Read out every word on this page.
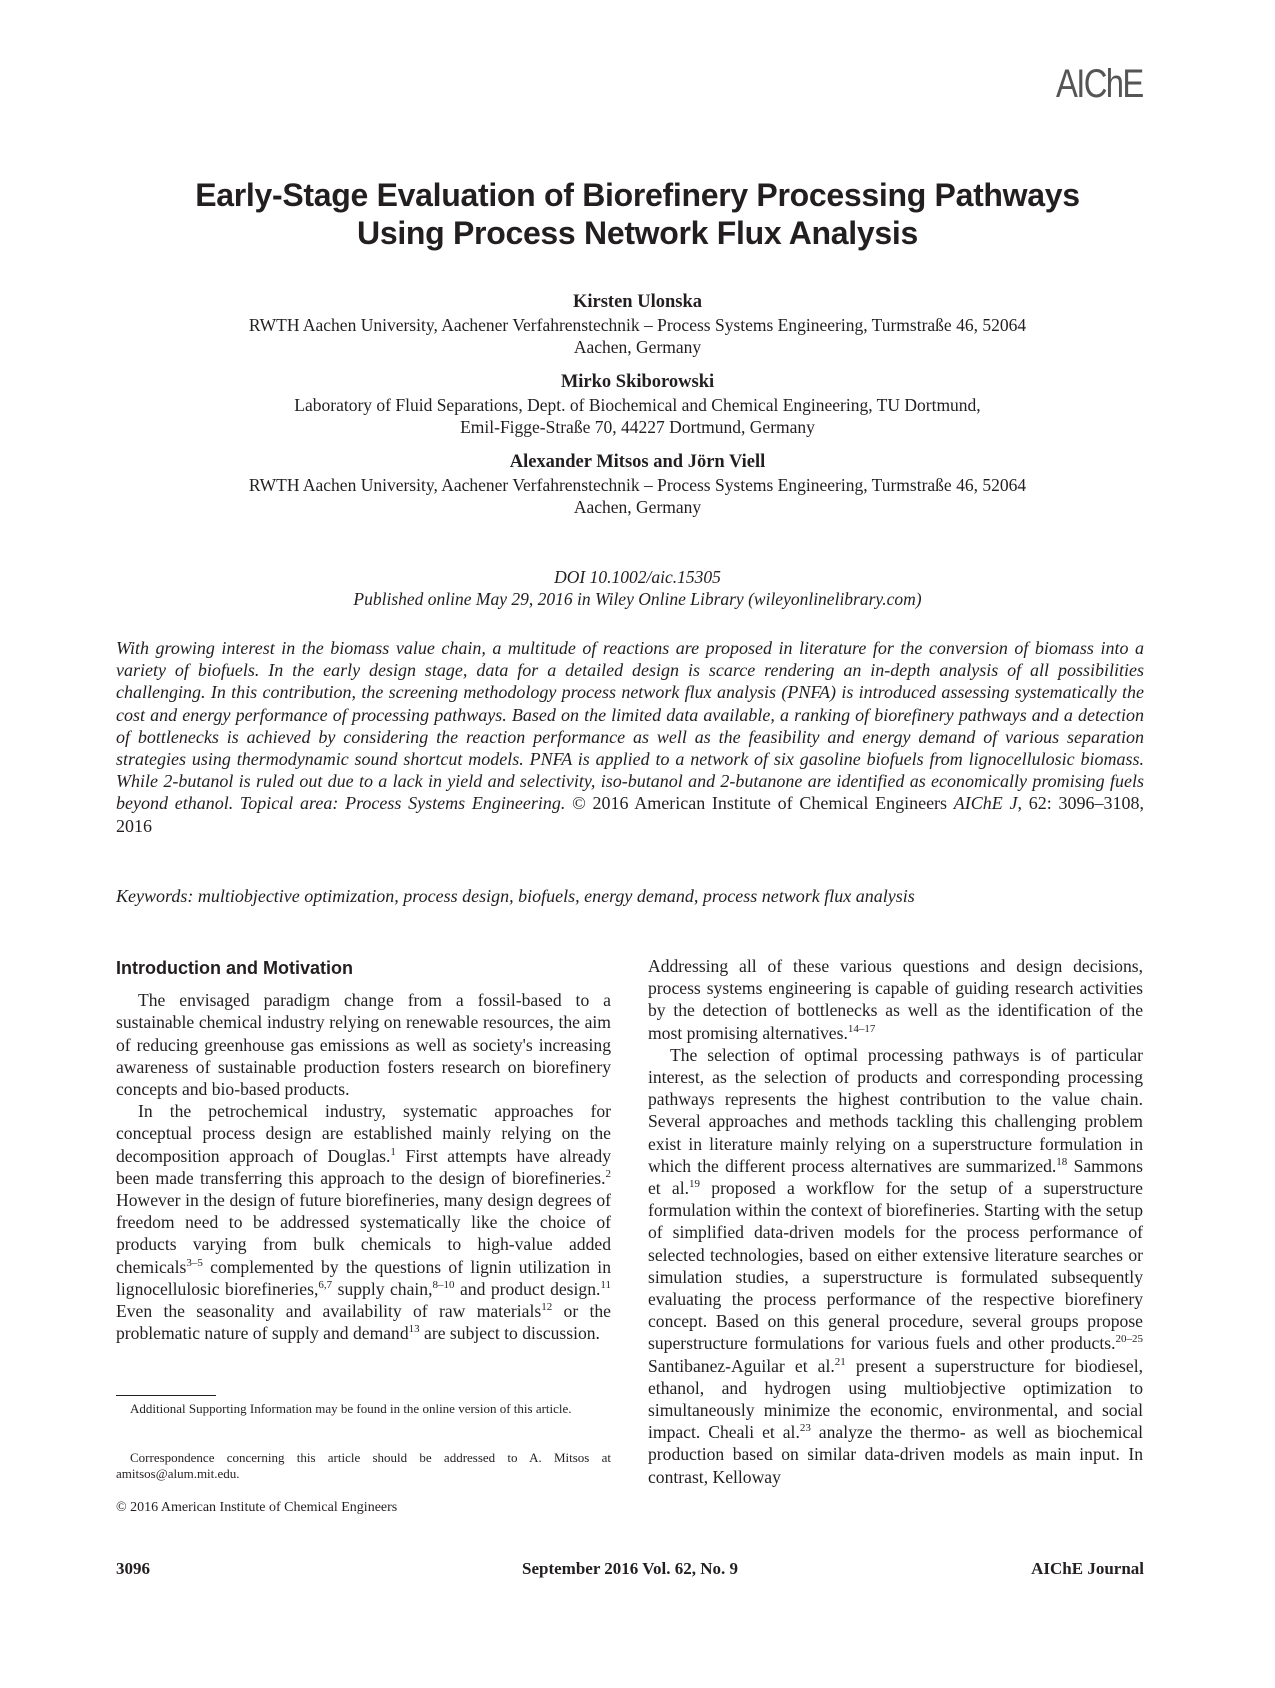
AIChE
Early-Stage Evaluation of Biorefinery Processing Pathways
Using Process Network Flux Analysis
Kirsten Ulonska
RWTH Aachen University, Aachener Verfahrenstechnik – Process Systems Engineering, Turmstraße 46, 52064
Aachen, Germany
Mirko Skiborowski
Laboratory of Fluid Separations, Dept. of Biochemical and Chemical Engineering, TU Dortmund,
Emil-Figge-Straße 70, 44227 Dortmund, Germany
Alexander Mitsos and Jörn Viell
RWTH Aachen University, Aachener Verfahrenstechnik – Process Systems Engineering, Turmstraße 46, 52064
Aachen, Germany
DOI 10.1002/aic.15305
Published online May 29, 2016 in Wiley Online Library (wileyonlinelibrary.com)
With growing interest in the biomass value chain, a multitude of reactions are proposed in literature for the conversion of biomass into a variety of biofuels. In the early design stage, data for a detailed design is scarce rendering an in-depth analysis of all possibilities challenging. In this contribution, the screening methodology process network flux analysis (PNFA) is introduced assessing systematically the cost and energy performance of processing pathways. Based on the limited data available, a ranking of biorefinery pathways and a detection of bottlenecks is achieved by considering the reaction performance as well as the feasibility and energy demand of various separation strategies using thermodynamic sound shortcut models. PNFA is applied to a network of six gasoline biofuels from lignocellulosic biomass. While 2-butanol is ruled out due to a lack in yield and selectivity, iso-butanol and 2-butanone are identified as economically promising fuels beyond ethanol. Topical area: Process Systems Engineering. © 2016 American Institute of Chemical Engineers AIChE J, 62: 3096–3108, 2016
Keywords: multiobjective optimization, process design, biofuels, energy demand, process network flux analysis
Introduction and Motivation

The envisaged paradigm change from a fossil-based to a sustainable chemical industry relying on renewable resources, the aim of reducing greenhouse gas emissions as well as society's increasing awareness of sustainable production fosters research on biorefinery concepts and bio-based products.

In the petrochemical industry, systematic approaches for conceptual process design are established mainly relying on the decomposition approach of Douglas.$^1$ First attempts have already been made transferring this approach to the design of biorefineries.$^2$ However in the design of future biorefineries, many design degrees of freedom need to be addressed systematically like the choice of products varying from bulk chemicals to high-value added chemicals$^{3-5}$ complemented by the questions of lignin utilization in lignocellulosic biorefineries,$^{6,7}$ supply chain,$^{8-10}$ and product design.$^{11}$ Even the seasonality and availability of raw materials$^{12}$ or the problematic nature of supply and demand$^{13}$ are subject to discussion.

Additional Supporting Information may be found in the online version of this article.
Correspondence concerning this article should be addressed to A. Mitsos at amitsos@alum.mit.edu.
© 2016 American Institute of Chemical Engineers

Addressing all of these various questions and design decisions, process systems engineering is capable of guiding research activities by the detection of bottlenecks as well as the identification of the most promising alternatives.$^{14-17}$

The selection of optimal processing pathways is of particular interest, as the selection of products and corresponding processing pathways represents the highest contribution to the value chain. Several approaches and methods tackling this challenging problem exist in literature mainly relying on a superstructure formulation in which the different process alternatives are summarized.$^{18}$ Sammons et al.$^{19}$ proposed a workflow for the setup of a superstructure formulation within the context of biorefineries. Starting with the setup of simplified data-driven models for the process performance of selected technologies, based on either extensive literature searches or simulation studies, a superstructure is formulated subsequently evaluating the process performance of the respective biorefinery concept. Based on this general procedure, several groups propose superstructure formulations for various fuels and other products.$^{20-25}$ Santibanez-Aguilar et al.$^{21}$ present a superstructure for biodiesel, ethanol, and hydrogen using multiobjective optimization to simultaneously minimize the economic, environmental, and social impact. Cheali et al.$^{23}$ analyze the thermo- as well as biochemical production based on similar data-driven models as main input. In contrast, Kelloway

3096	September 2016 Vol. 62, No. 9	AIChE Journal
